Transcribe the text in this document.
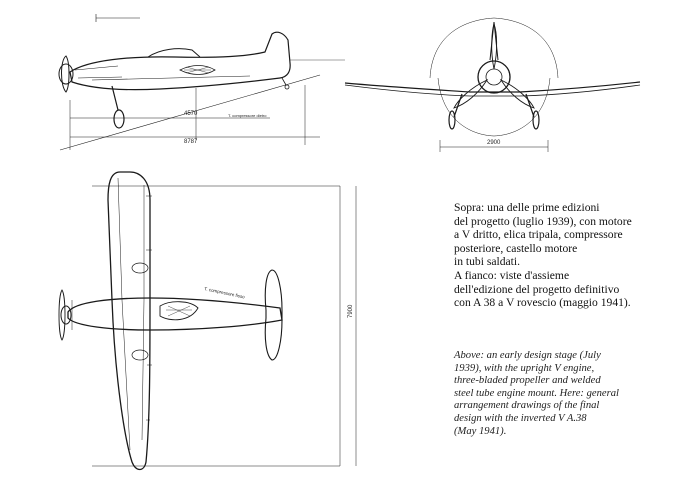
4570
8787
T. compressore dietro
2900
7900
T. compressore fisso
Sopra: una delle prime edizioni
del progetto (luglio 1939), con motore
a V dritto, elica tripala, compressore
posteriore, castello motore
in tubi saldati.
A fianco: viste d'assieme
dell'edizione del progetto definitivo
con A 38 a V rovescio (maggio 1941).
Above: an early design stage (July
1939), with the upright V engine,
three-bladed propeller and welded
steel tube engine mount. Here: general
arrangement drawings of the final
design with the inverted V A.38
(May 1941).
